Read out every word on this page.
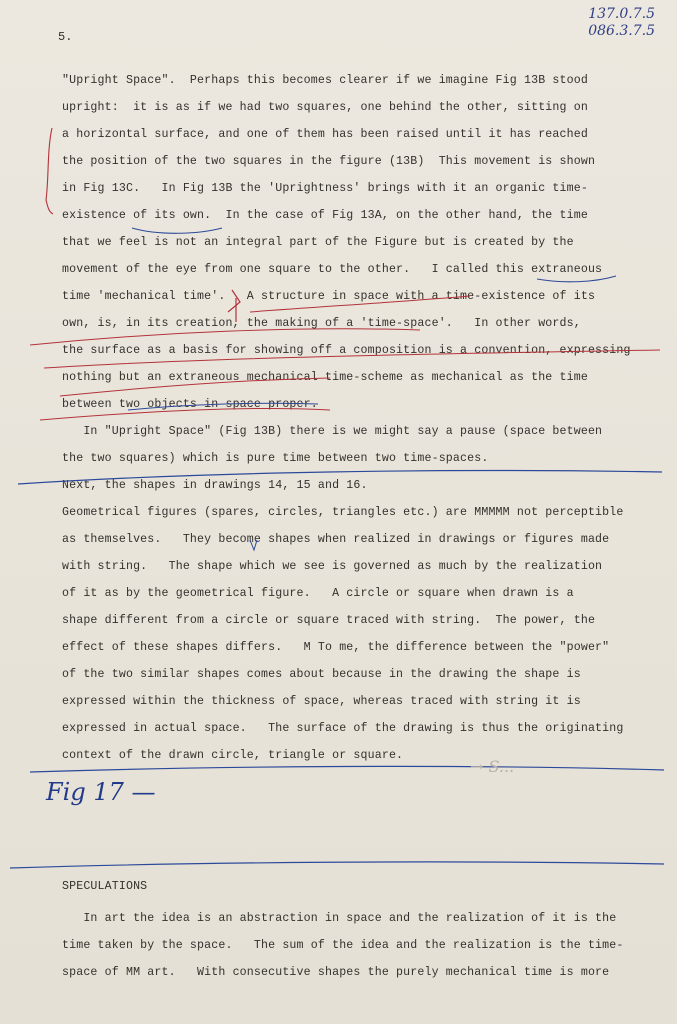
5.
137.0.7.5
086.3.7.5
"Upright Space".  Perhaps this becomes clearer if we imagine Fig 13B stood
upright:  it is as if we had two squares, one behind the other, sitting on
a horizontal surface, and one of them has been raised until it has reached
the position of the two squares in the figure (13B)  This movement is shown
in Fig 13C.   In Fig 13B the 'Uprightness' brings with it an organic time-
existence of its own.  In the case of Fig 13A, on the other hand, the time
that we feel is not an integral part of the Figure but is created by the
movement of the eye from one square to the other.   I called this extraneous
time 'mechanical time'.   A structure in space with a time-existence of its
own, is, in its creation, the making of a 'time-space'.   In other words,
the surface as a basis for showing off a composition is a convention, expressing
nothing but an extraneous mechanical time-scheme as mechanical as the time
between two objects in space proper.
In "Upright Space" (Fig 13B) there is we might say a pause (space between
the two squares) which is pure time between two time-spaces.
Next, the shapes in drawings 14, 15 and 16.
Geometrical figures (spares, circles, triangles etc.) are MMMMM not perceptible
as themselves.   They become shapes when realized in drawings or figures made
with string.   The shape which we see is governed as much by the realization
of it as by the geometrical figure.   A circle or square when drawn is a
shape different from a circle or square traced with string.  The power, the
effect of these shapes differs.   M To me, the difference between the "power"
of the two similar shapes comes about because in the drawing the shape is
expressed within the thickness of space, whereas traced with string it is
expressed in actual space.   The surface of the drawing is thus the originating
context of the drawn circle, triangle or square.
→ S...
Fig 17 —
SPECULATIONS
In art the idea is an abstraction in space and the realization of it is the
time taken by the space.   The sum of the idea and the realization is the time-
space of MM art.   With consecutive shapes the purely mechanical time is more
